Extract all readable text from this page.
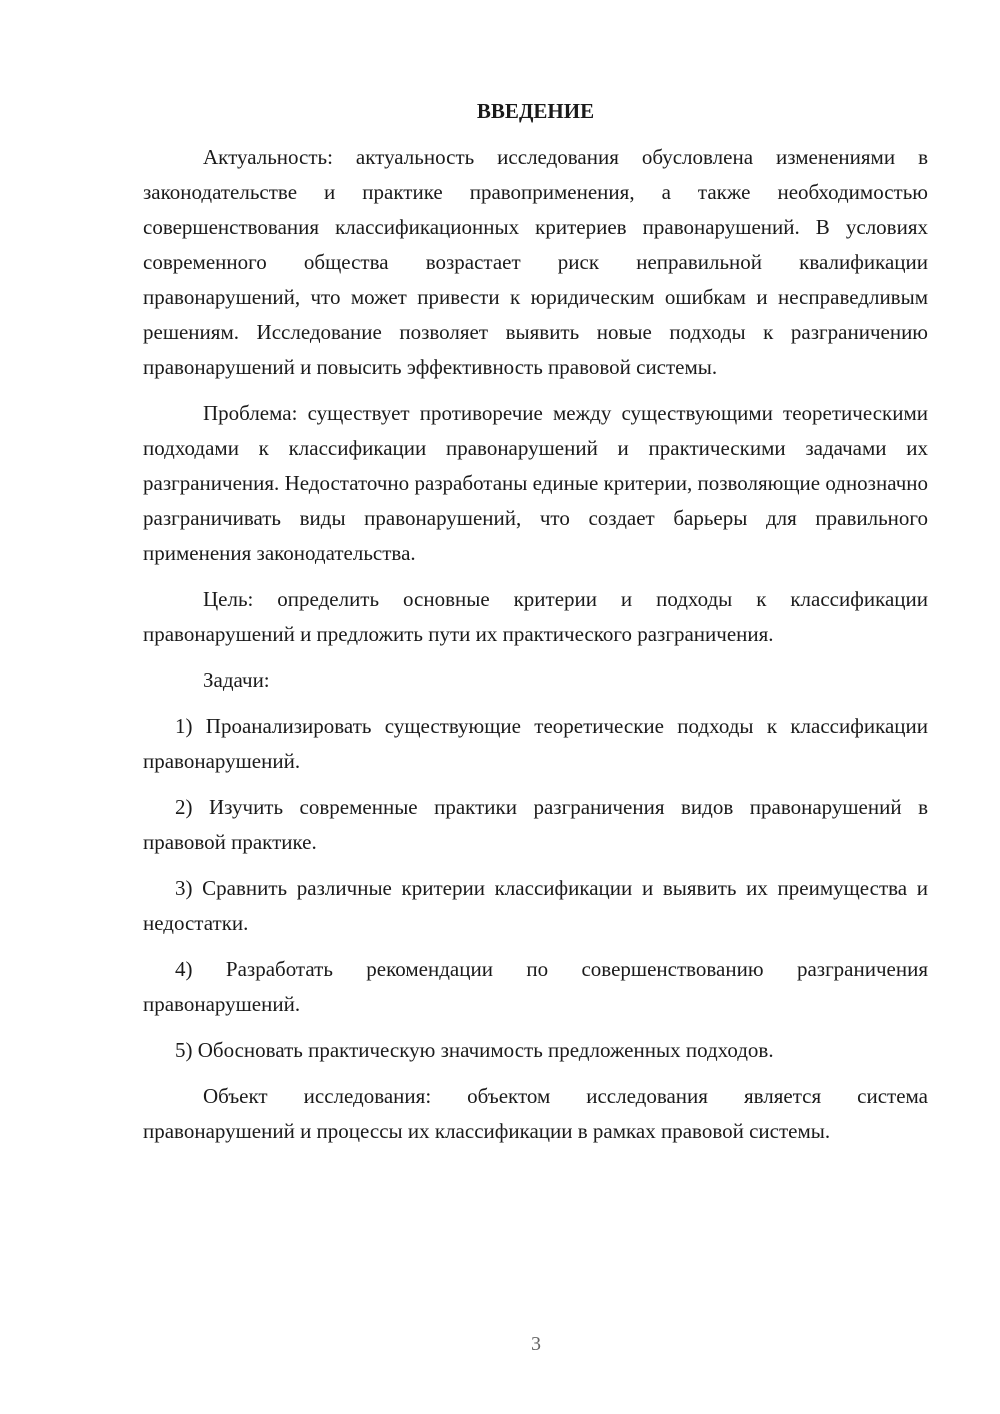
ВВЕДЕНИЕ

Актуальность: актуальность исследования обусловлена изменениями в законодательстве и практике правоприменения, а также необходимостью совершенствования классификационных критериев правонарушений. В условиях современного общества возрастает риск неправильной квалификации правонарушений, что может привести к юридическим ошибкам и несправедливым решениям. Исследование позволяет выявить новые подходы к разграничению правонарушений и повысить эффективность правовой системы.

Проблема: существует противоречие между существующими теоретическими подходами к классификации правонарушений и практическими задачами их разграничения. Недостаточно разработаны единые критерии, позволяющие однозначно разграничивать виды правонарушений, что создает барьеры для правильного применения законодательства.

Цель: определить основные критерии и подходы к классификации правонарушений и предложить пути их практического разграничения.

Задачи:

1) Проанализировать существующие теоретические подходы к классификации правонарушений.

2) Изучить современные практики разграничения видов правонарушений в правовой практике.

3) Сравнить различные критерии классификации и выявить их преимущества и недостатки.

4) Разработать рекомендации по совершенствованию разграничения правонарушений.

5) Обосновать практическую значимость предложенных подходов.

Объект исследования: объектом исследования является система правонарушений и процессы их классификации в рамках правовой системы.

3
